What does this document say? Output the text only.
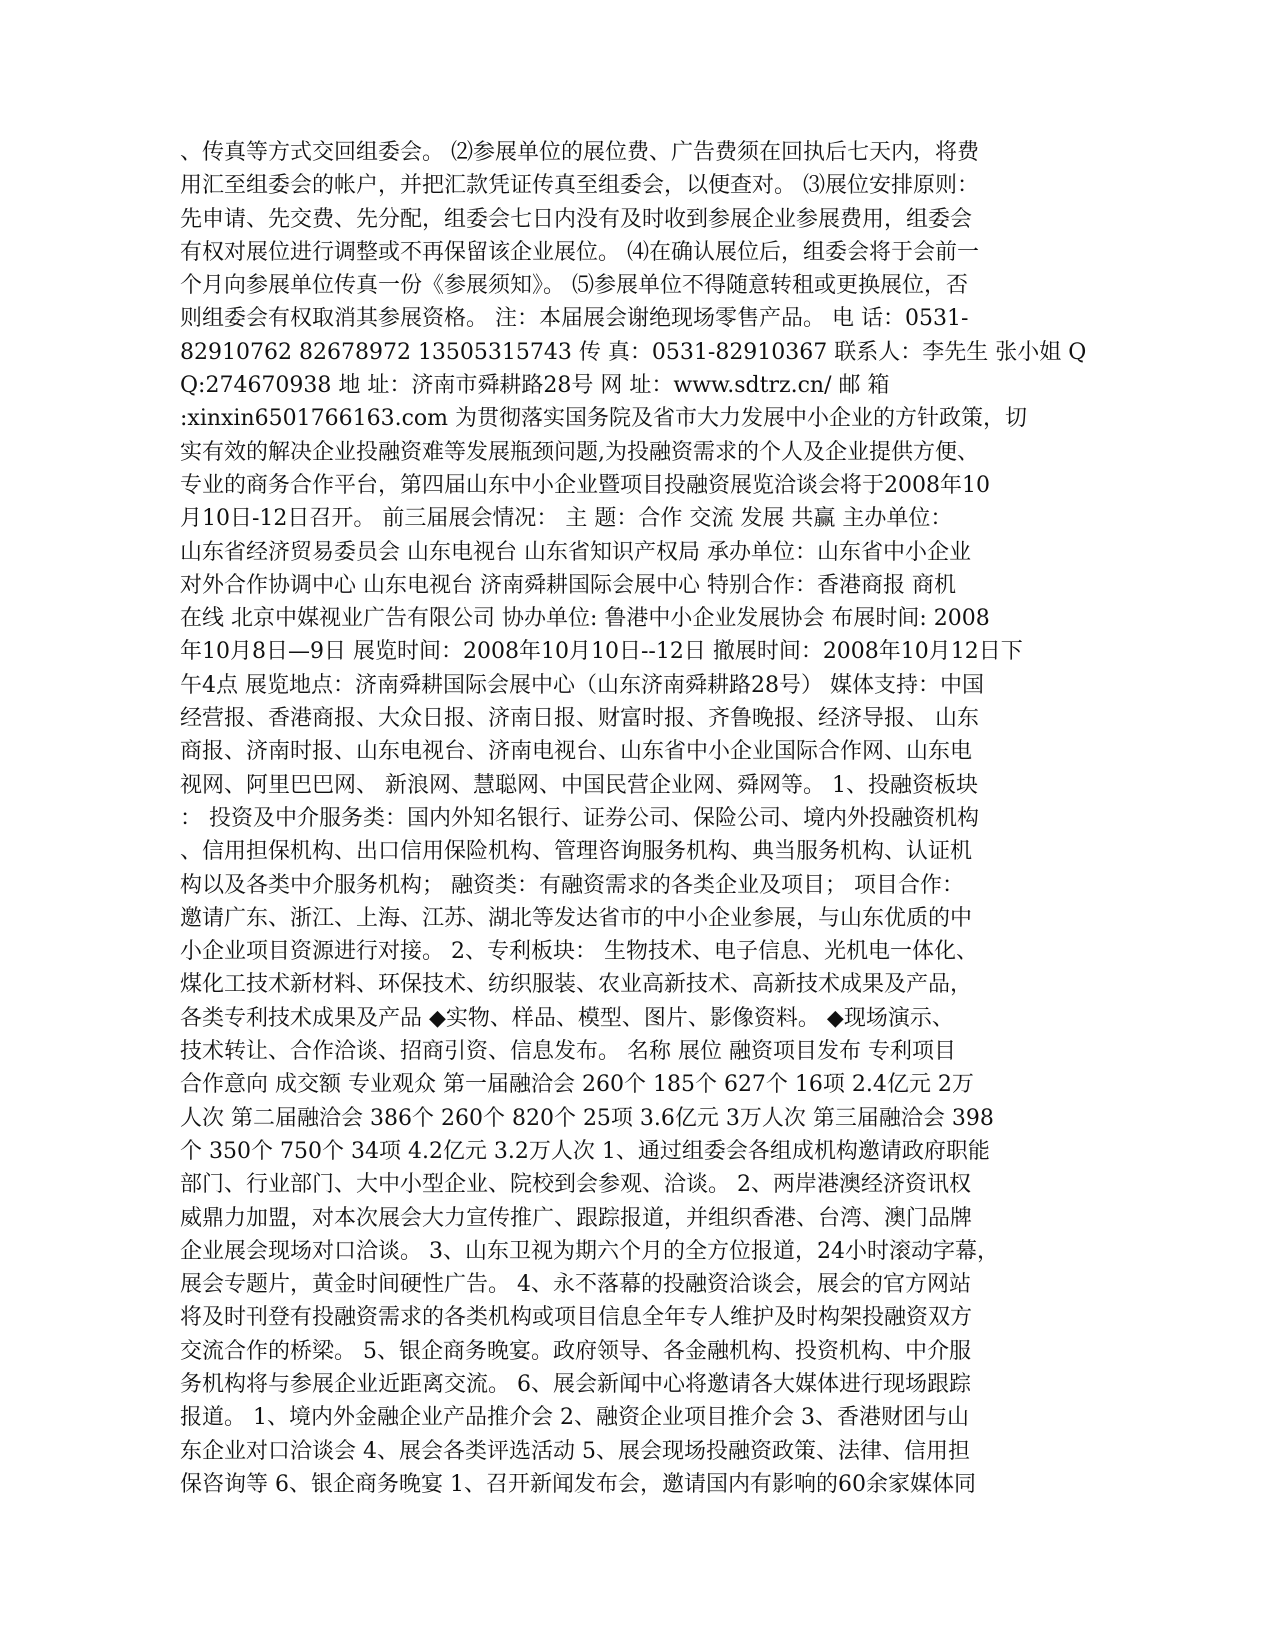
、传真等方式交回组委会。 ⑵参展单位的展位费、广告费须在回执后七天内，将费
用汇至组委会的帐户，并把汇款凭证传真至组委会，以便查对。 ⑶展位安排原则：
先申请、先交费、先分配，组委会七日内没有及时收到参展企业参展费用，组委会
有权对展位进行调整或不再保留该企业展位。 ⑷在确认展位后，组委会将于会前一
个月向参展单位传真一份《参展须知》。 ⑸参展单位不得随意转租或更换展位，否
则组委会有权取消其参展资格。 注：本届展会谢绝现场零售产品。 电 话：0531-
82910762 82678972 13505315743 传 真：0531-82910367 联系人：李先生 张小姐 Q
Q:274670938 地 址：济南市舜耕路28号 网 址：www.sdtrz.cn/ 邮 箱
:xinxin6501766163.com 为贯彻落实国务院及省市大力发展中小企业的方针政策，切
实有效的解决企业投融资难等发展瓶颈问题,为投融资需求的个人及企业提供方便、
专业的商务合作平台，第四届山东中小企业暨项目投融资展览洽谈会将于2008年10
月10日-12日召开。 前三届展会情况： 主 题：合作 交流 发展 共赢 主办单位：
山东省经济贸易委员会 山东电视台 山东省知识产权局 承办单位：山东省中小企业
对外合作协调中心 山东电视台 济南舜耕国际会展中心 特别合作：香港商报 商机
在线 北京中媒视业广告有限公司 协办单位: 鲁港中小企业发展协会 布展时间: 2008
年10月8日—9日 展览时间：2008年10月10日--12日 撤展时间：2008年10月12日下
午4点 展览地点：济南舜耕国际会展中心（山东济南舜耕路28号） 媒体支持：中国
经营报、香港商报、大众日报、济南日报、财富时报、齐鲁晚报、经济导报、 山东
商报、济南时报、山东电视台、济南电视台、山东省中小企业国际合作网、山东电
视网、阿里巴巴网、 新浪网、慧聪网、中国民营企业网、舜网等。 1、投融资板块
： 投资及中介服务类：国内外知名银行、证券公司、保险公司、境内外投融资机构
、信用担保机构、出口信用保险机构、管理咨询服务机构、典当服务机构、认证机
构以及各类中介服务机构； 融资类：有融资需求的各类企业及项目； 项目合作：
邀请广东、浙江、上海、江苏、湖北等发达省市的中小企业参展，与山东优质的中
小企业项目资源进行对接。 2、专利板块： 生物技术、电子信息、光机电一体化、
煤化工技术新材料、环保技术、纺织服装、农业高新技术、高新技术成果及产品，
各类专利技术成果及产品 ◆实物、样品、模型、图片、影像资料。 ◆现场演示、
技术转让、合作洽谈、招商引资、信息发布。 名称 展位 融资项目发布 专利项目
合作意向 成交额 专业观众 第一届融洽会 260个 185个 627个 16项 2.4亿元 2万
人次 第二届融洽会 386个 260个 820个 25项 3.6亿元 3万人次 第三届融洽会 398
个 350个 750个 34项 4.2亿元 3.2万人次 1、通过组委会各组成机构邀请政府职能
部门、行业部门、大中小型企业、院校到会参观、洽谈。 2、两岸港澳经济资讯权
威鼎力加盟，对本次展会大力宣传推广、跟踪报道，并组织香港、台湾、澳门品牌
企业展会现场对口洽谈。 3、山东卫视为期六个月的全方位报道，24小时滚动字幕，
展会专题片，黄金时间硬性广告。 4、永不落幕的投融资洽谈会，展会的官方网站
将及时刊登有投融资需求的各类机构或项目信息全年专人维护及时构架投融资双方
交流合作的桥梁。 5、银企商务晚宴。政府领导、各金融机构、投资机构、中介服
务机构将与参展企业近距离交流。 6、展会新闻中心将邀请各大媒体进行现场跟踪
报道。 1、境内外金融企业产品推介会 2、融资企业项目推介会 3、香港财团与山
东企业对口洽谈会 4、展会各类评选活动 5、展会现场投融资政策、法律、信用担
保咨询等 6、银企商务晚宴 1、召开新闻发布会，邀请国内有影响的60余家媒体同
